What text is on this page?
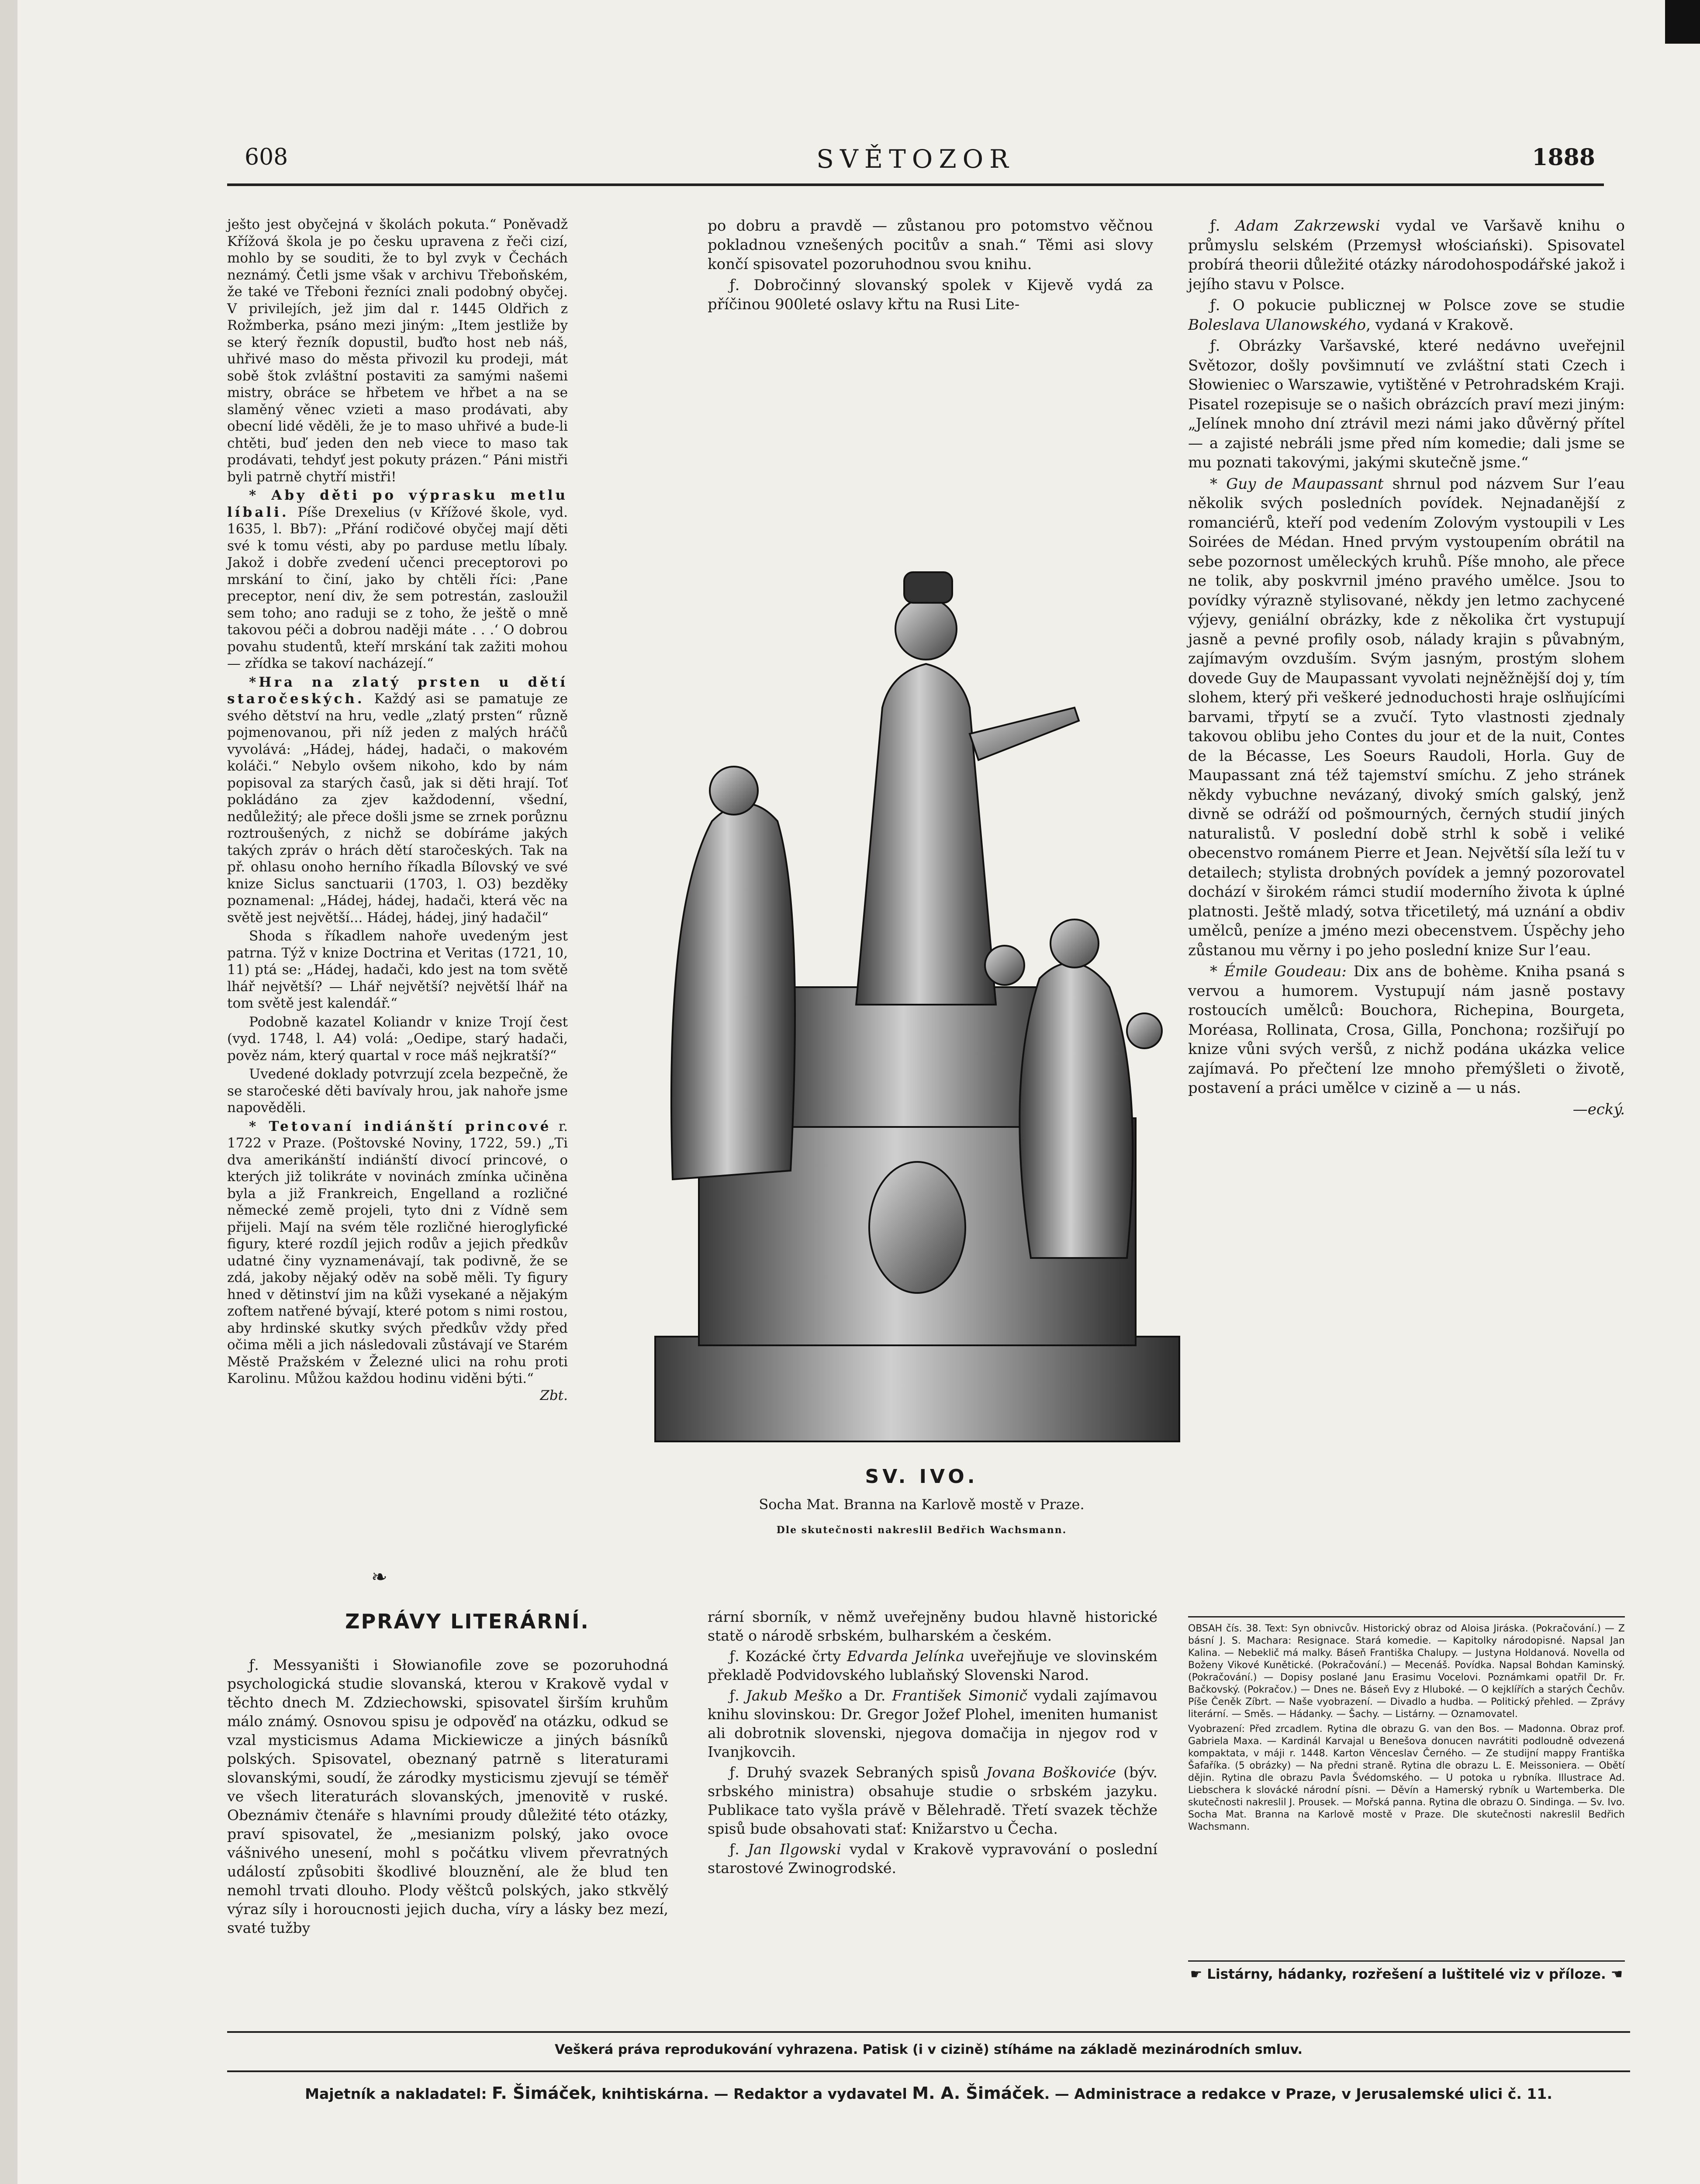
608	SVĚTOZOR	1888

ješto jest obyčejná v školách pokuta.“ Poněvadž Křížová škola je po česku upravena z řeči cizí, mohlo by se souditi, že to byl zvyk v Čechách neznámý. Četli jsme však v archivu Třeboňském, že také ve Třeboni řezníci znali podobný obyčej. V privilejích, jež jim dal r. 1445 Oldřich z Rožmberka, psáno mezi jiným: „Item jestliže by se který řezník dopustil, buďto host neb náš, uhřivé maso do města přivozil ku prodeji, mát sobě štok zvláštní postaviti za samými našemi mistry, obráce se hřbetem ve hřbet a na se slaměný věnec vzieti a maso prodávati, aby obecní lidé věděli, že je to maso uhřivé a bude-li chtěti, buď jeden den neb viece to maso tak prodávati, tehdyť jest pokuty prázen.“ Páni mistři byli patrně chytří mistři!

* Aby děti po výprasku metlu líbali. Píše Drexelius (v Křížové škole, vyd. 1635, l. Bb7): „Přání rodičové obyčej mají děti své k tomu vésti, aby po parduse metlu líbaly. Jakož i dobře zvedení učenci preceptorovi po mrskání to činí, jako by chtěli říci: ‚Pane preceptor, není div, že sem potrestán, zasloužil sem toho; ano raduji se z toho, že ještě o mně takovou péči a dobrou naději máte . . .‘ O dobrou povahu studentů, kteří mrskání tak zažiti mohou — zřídka se takoví nacházejí.“

*Hra na zlatý prsten u dětí staročeských. Každý asi se pamatuje ze svého dětství na hru, vedle „zlatý prsten“ různě pojmenovanou, při níž jeden z malých hráčů vyvolává: „Hádej, hádej, hadači, o makovém koláči.“ Nebylo ovšem nikoho, kdo by nám popisoval za starých časů, jak si děti hrají. Toť pokládáno za zjev každodenní, všední, nedůležitý; ale přece došli jsme se zrnek porůznu roztroušených, z nichž se dobíráme jakých takých zpráv o hrách dětí staročeských. Tak na př. ohlasu onoho herního říkadla Bílovský ve své knize Siclus sanctuarii (1703, l. O3) bezděky poznamenal: „Hádej, hádej, hadači, která věc na světě jest největší... Hádej, hádej, jiný hadačil“

Shoda s říkadlem nahoře uvedeným jest patrna. Týž v knize Doctrina et Veritas (1721, 10, 11) ptá se: „Hádej, hadači, kdo jest na tom světě lhář největší? — Lhář největší? největší lhář na tom světě jest kalendář.“

Podobně kazatel Koliandr v knize Trojí čest (vyd. 1748, l. A4) volá: „Oedipe, starý hadači, pověz nám, který quartal v roce máš nejkratší?“

Uvedené doklady potvrzují zcela bezpečně, že se staročeské děti bavívaly hrou, jak nahoře jsme napověděli.

* Tetovaní indiánští princové r. 1722 v Praze. (Poštovské Noviny, 1722, 59.) „Ti dva amerikánští indiánští divocí princové, o kterých již tolikráte v novinách zmínka učiněna byla a již Frankreich, Engelland a rozličné německé země projeli, tyto dni z Vídně sem přijeli. Mají na svém těle rozličné hieroglyfické figury, které rozdíl jejich rodův a jejich předkův udatné činy vyznamenávají, tak podivně, že se zdá, jakoby nějaký oděv na sobě měli. Ty figury hned v dětinství jim na kůži vysekané a nějakým zoftem natřené bývají, které potom s nimi rostou, aby hrdinské skutky svých předkův vždy před očima měli a jich následovali zůstávají ve Starém Městě Pražském v Železné ulici na rohu proti Karolinu. Můžou každou hodinu viděni býti.“
Zbt.

po dobru a pravdě — zůstanou pro potomstvo věčnou pokladnou vznešených pocitův a snah.“ Těmi asi slovy končí spisovatel pozoruhodnou svou knihu.

ƒ. Dobročinný slovanský spolek v Kijevě vydá za příčinou 900leté oslavy křtu na Rusi Lite-

SV. IVO.
Socha Mat. Branna na Karlově mostě v Praze.
Dle skutečnosti nakreslil Bedřich Wachsmann.

ƒ. Adam Zakrzewski vydal ve Varšavě knihu o průmyslu selském (Przemysł włościański). Spisovatel probírá theorii důležité otázky národohospodářské jakož i jejího stavu v Polsce.

ƒ. O pokucie publicznej w Polsce zove se studie Boleslava Ulanowského, vydaná v Krakově.

ƒ. Obrázky Varšavské, které nedávno uveřejnil Světozor, došly povšimnutí ve zvláštní stati Czech i Słowieniec o Warszawie, vytištěné v Petrohradském Kraji. Pisatel rozepisuje se o našich obrázcích praví mezi jiným: „Jelínek mnoho dní ztrávil mezi námi jako důvěrný přítel — a zajisté nebráli jsme před ním komedie; dali jsme se mu poznati takovými, jakými skutečně jsme.“

* Guy de Maupassant shrnul pod názvem Sur l’eau několik svých posledních povídek. Nejnadanější z romanciérů, kteří pod vedením Zolovým vystoupili v Les Soirées de Médan. Hned prvým vystoupením obrátil na sebe pozornost uměleckých kruhů. Píše mnoho, ale přece ne tolik, aby poskvrnil jméno pravého umělce. Jsou to povídky výrazně stylisované, někdy jen letmo zachycené výjevy, geniální obrázky, kde z několika črt vystupují jasně a pevné profily osob, nálady krajin s půvabným, zajímavým ovzduším. Svým jasným, prostým slohem dovede Guy de Maupassant vyvolati nejněžnější doj y, tím slohem, který při veškeré jednoduchosti hraje oslňujícími barvami, třpytí se a zvučí. Tyto vlastnosti zjednaly takovou oblibu jeho Contes du jour et de la nuit, Contes de la Bécasse, Les Soeurs Raudoli, Horla. Guy de Maupassant zná též tajemství smíchu. Z jeho stránek někdy vybuchne nevázaný, divoký smích galský, jenž divně se odráží od pošmourných, černých studií jiných naturalistů. V poslední době strhl k sobě i veliké obecenstvo románem Pierre et Jean. Největší síla leží tu v detailech; stylista drobných povídek a jemný pozorovatel dochází v širokém rámci studií moderního života k úplné platnosti. Ještě mladý, sotva třicetiletý, má uznání a obdiv umělců, peníze a jméno mezi obecenstvem. Úspěchy jeho zůstanou mu věrny i po jeho poslední knize Sur l’eau.

* Émile Goudeau: Dix ans de bohème. Kniha psaná s vervou a humorem. Vystupují nám jasně postavy rostoucích umělců: Bouchora, Richepina, Bourgeta, Moréasa, Rollinata, Crosa, Gilla, Ponchona; rozšiřují po knize vůni svých veršů, z nichž podána ukázka velice zajímavá. Po přečtení lze mnoho přemýšleti o životě, postavení a práci umělce v cizině a — u nás.

—ecký.

❧
ZPRÁVY LITERÁRNÍ.

ƒ. Messyaništi i Słowianofile zove se pozoruhodná psychologická studie slovanská, kterou v Krakově vydal v těchto dnech M. Zdziechowski, spisovatel širším kruhům málo známý. Osnovou spisu je odpověď na otázku, odkud se vzal mysticismus Adama Mickiewicze a jiných básníků polských. Spisovatel, obeznaný patrně s literaturami slovanskými, soudí, že zárodky mysticismu zjevují se téměř ve všech literaturách slovanských, jmenovitě v ruské. Obeznámiv čtenáře s hlavními proudy důležité této otázky, praví spisovatel, že „mesianizm polský, jako ovoce vášnivého unesení, mohl s počátku vlivem převratných událostí způsobiti škodlivé blouznění, ale že blud ten nemohl trvati dlouho. Plody věštců polských, jako stkvělý výraz síly i horoucnosti jejich ducha, víry a lásky bez mezí, svaté tužby

rární sborník, v němž uveřejněny budou hlavně historické statě o národě srbském, bulharském a českém.

ƒ. Kozácké črty Edvarda Jelínka uveřejňuje ve slovinském překladě Podvidovského lublaňský Slovenski Narod.

ƒ. Jakub Meško a Dr. František Simonič vydali zajímavou knihu slovinskou: Dr. Gregor Jožef Plohel, imeniten humanist ali dobrotnik slovenski, njegova domačija in njegov rod v Ivanjkovcih.

ƒ. Druhý svazek Sebraných spisů Jovana Boškoviće (býv. srbského ministra) obsahuje studie o srbském jazyku. Publikace tato vyšla právě v Bělehradě. Třetí svazek těchže spisů bude obsahovati stať: Knižarstvo u Čecha.

ƒ. Jan Ilgowski vydal v Krakově vypravování o poslední starostové Zwinogrodské.

OBSAH čís. 38. Text: Syn obnivcův. Historický obraz od Aloisa Jiráska. (Pokračování.) — Z básní J. S. Machara: Resignace. Stará komedie. — Kapitolky národopisné. Napsal Jan Kalina. — Nebeklič má malky. Báseň Františka Chalupy. — Justyna Holdanová. Novella od Boženy Vikové Kunětické. (Pokračování.) — Mecenáš. Povídka. Napsal Bohdan Kaminský. (Pokračování.) — Dopisy poslané Janu Erasimu Vocelovi. Poznámkami opatřil Dr. Fr. Bačkovský. (Pokračov.) — Dnes ne. Báseň Evy z Hluboké. — O kejklířích a starých Čechův. Píše Čeněk Zíbrt. — Naše vyobrazení. — Divadlo a hudba. — Politický přehled. — Zprávy literární. — Směs. — Hádanky. — Šachy. — Listárny. — Oznamovatel.

Vyobrazení: Před zrcadlem. Rytina dle obrazu G. van den Bos. — Madonna. Obraz prof. Gabriela Maxa. — Kardinál Karvajal u Benešova donucen navrátiti podloudně odvezená kompaktata, v máji r. 1448. Karton Věnceslav Černého. — Ze studijní mappy Františka Šafaříka. (5 obrázky) — Na předni straně. Rytina dle obrazu L. E. Meissoniera. — Obětí dějin. Rytina dle obrazu Pavla Švédomského. — U potoka u rybníka. Illustrace Ad. Liebschera k slovácké národní písni. — Děvín a Hamerský rybník u Wartemberka. Dle skutečnosti nakreslil J. Prousek. — Mořská panna. Rytina dle obrazu O. Sindinga. — Sv. Ivo. Socha Mat. Branna na Karlově mostě v Praze. Dle skutečnosti nakreslil Bedřich Wachsmann.

☛ Listárny, hádanky, rozřešení a luštitelé viz v příloze. ☚
Veškerá práva reprodukování vyhrazena. Patisk (i v cizině) stíháme na základě mezinárodních smluv.
Majetník a nakladatel: F. Šimáček, knihtiskárna. — Redaktor a vydavatel M. A. Šimáček. — Administrace a redakce v Praze, v Jerusalemské ulici č. 11.
